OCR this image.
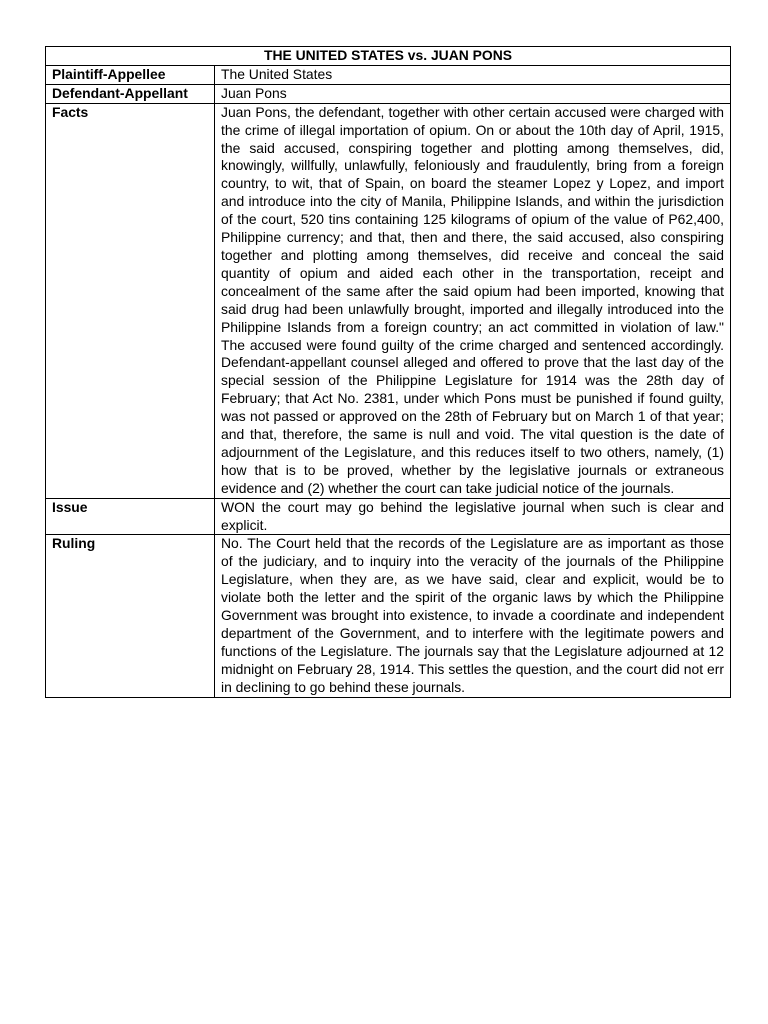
THE UNITED STATES vs. JUAN PONS	
Plaintiff-Appellee	The United States
Defendant-Appellant	Juan Pons
Facts	Juan Pons, the defendant, together with other certain accused were charged with the crime of illegal importation of opium. On or about the 10th day of April, 1915, the said accused, conspiring together and plotting among themselves, did, knowingly, willfully, unlawfully, feloniously and fraudulently, bring from a foreign country, to wit, that of Spain, on board the steamer Lopez y Lopez, and import and introduce into the city of Manila, Philippine Islands, and within the jurisdiction of the court, 520 tins containing 125 kilograms of opium of the value of P62,400, Philippine currency; and that, then and there, the said accused, also conspiring together and plotting among themselves, did receive and conceal the said quantity of opium and aided each other in the transportation, receipt and concealment of the same after the said opium had been imported, knowing that said drug had been unlawfully brought, imported and illegally introduced into the Philippine Islands from a foreign country; an act committed in violation of law." The accused were found guilty of the crime charged and sentenced accordingly. Defendant-appellant counsel alleged and offered to prove that the last day of the special session of the Philippine Legislature for 1914 was the 28th day of February; that Act No. 2381, under which Pons must be punished if found guilty, was not passed or approved on the 28th of February but on March 1 of that year; and that, therefore, the same is null and void. The vital question is the date of adjournment of the Legislature, and this reduces itself to two others, namely, (1) how that is to be proved, whether by the legislative journals or extraneous evidence and (2) whether the court can take judicial notice of the journals.
Issue	WON the court may go behind the legislative journal when such is clear and explicit.
Ruling	No. The Court held that the records of the Legislature are as important as those of the judiciary, and to inquiry into the veracity of the journals of the Philippine Legislature, when they are, as we have said, clear and explicit, would be to violate both the letter and the spirit of the organic laws by which the Philippine Government was brought into existence, to invade a coordinate and independent department of the Government, and to interfere with the legitimate powers and functions of the Legislature. The journals say that the Legislature adjourned at 12 midnight on February 28, 1914. This settles the question, and the court did not err in declining to go behind these journals.
